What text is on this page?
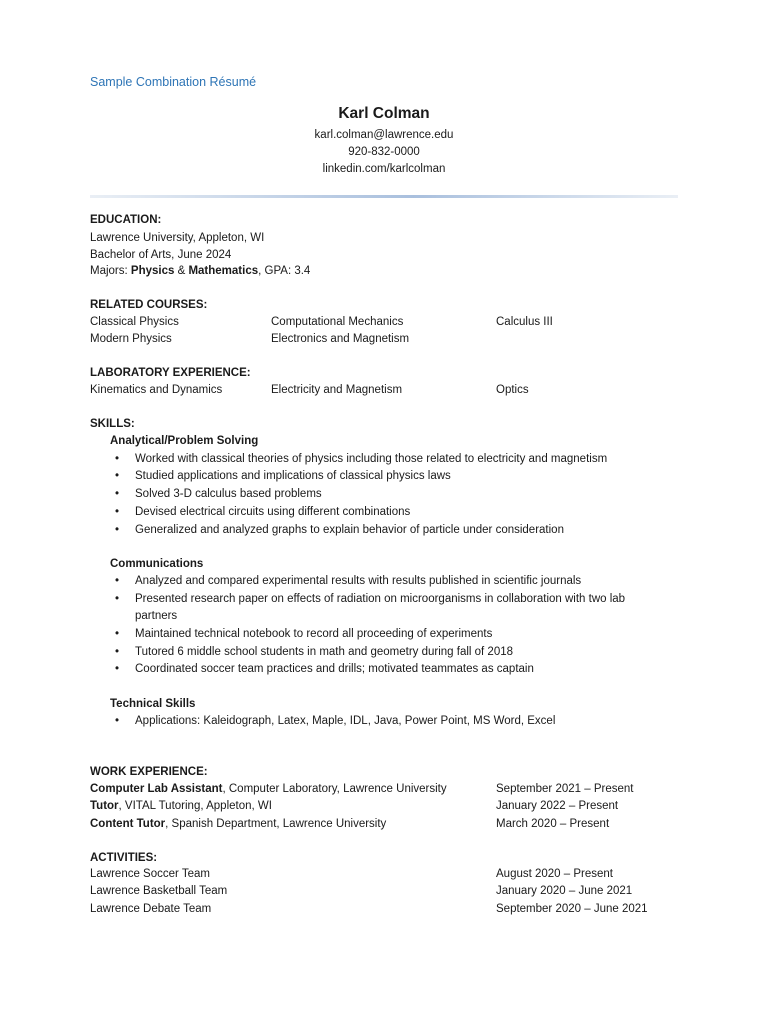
Sample Combination Résumé
Karl Colman
karl.colman@lawrence.edu
920-832-0000
linkedin.com/karlcolman
EDUCATION:
Lawrence University, Appleton, WI
Bachelor of Arts, June 2024
Majors: Physics & Mathematics, GPA: 3.4
RELATED COURSES:
Classical Physics	Computational Mechanics	Calculus III
Modern Physics	Electronics and Magnetism
LABORATORY EXPERIENCE:
Kinematics and Dynamics	Electricity and Magnetism	Optics
SKILLS:
Analytical/Problem Solving
• Worked with classical theories of physics including those related to electricity and magnetism
• Studied applications and implications of classical physics laws
• Solved 3-D calculus based problems
• Devised electrical circuits using different combinations
• Generalized and analyzed graphs to explain behavior of particle under consideration
Communications
• Analyzed and compared experimental results with results published in scientific journals
• Presented research paper on effects of radiation on microorganisms in collaboration with two lab partners
• Maintained technical notebook to record all proceeding of experiments
• Tutored 6 middle school students in math and geometry during fall of 2018
• Coordinated soccer team practices and drills; motivated teammates as captain
Technical Skills
• Applications: Kaleidograph, Latex, Maple, IDL, Java, Power Point, MS Word, Excel
WORK EXPERIENCE:
Computer Lab Assistant, Computer Laboratory, Lawrence University	September 2021 – Present
Tutor, VITAL Tutoring, Appleton, WI	January 2022 – Present
Content Tutor, Spanish Department, Lawrence University	March 2020 – Present
ACTIVITIES:
Lawrence Soccer Team	August 2020 – Present
Lawrence Basketball Team	January 2020 – June 2021
Lawrence Debate Team	September 2020 – June 2021
